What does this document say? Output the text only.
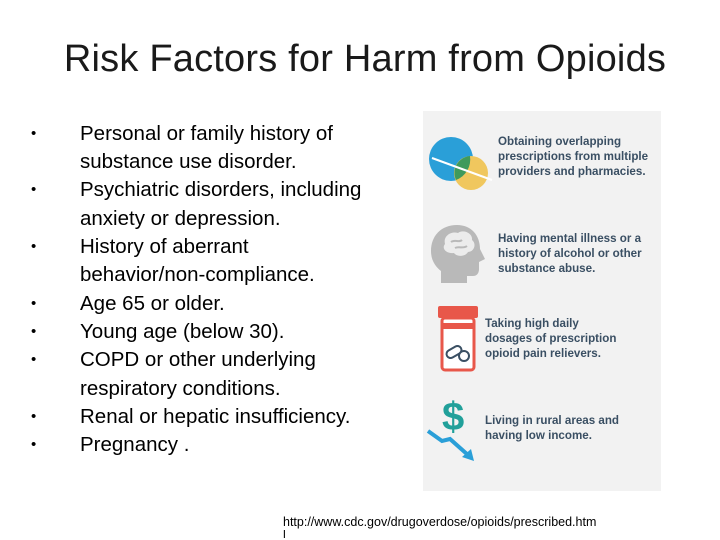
Risk Factors for Harm from Opioids
• Personal or family history of
substance use disorder.
• Psychiatric disorders, including
anxiety or depression.
• History of aberrant
behavior/non-compliance.
• Age 65 or older.
• Young age (below 30).
• COPD or other underlying
respiratory conditions.
• Renal or hepatic insufficiency.
• Pregnancy .
Obtaining overlapping
prescriptions from multiple
providers and pharmacies.
Having mental illness or a
history of alcohol or other
substance abuse.
Taking high daily
dosages of prescription
opioid pain relievers.
$ Living in rural areas and
having low income.
http://www.cdc.gov/drugoverdose/opioids/prescribed.htm
l
